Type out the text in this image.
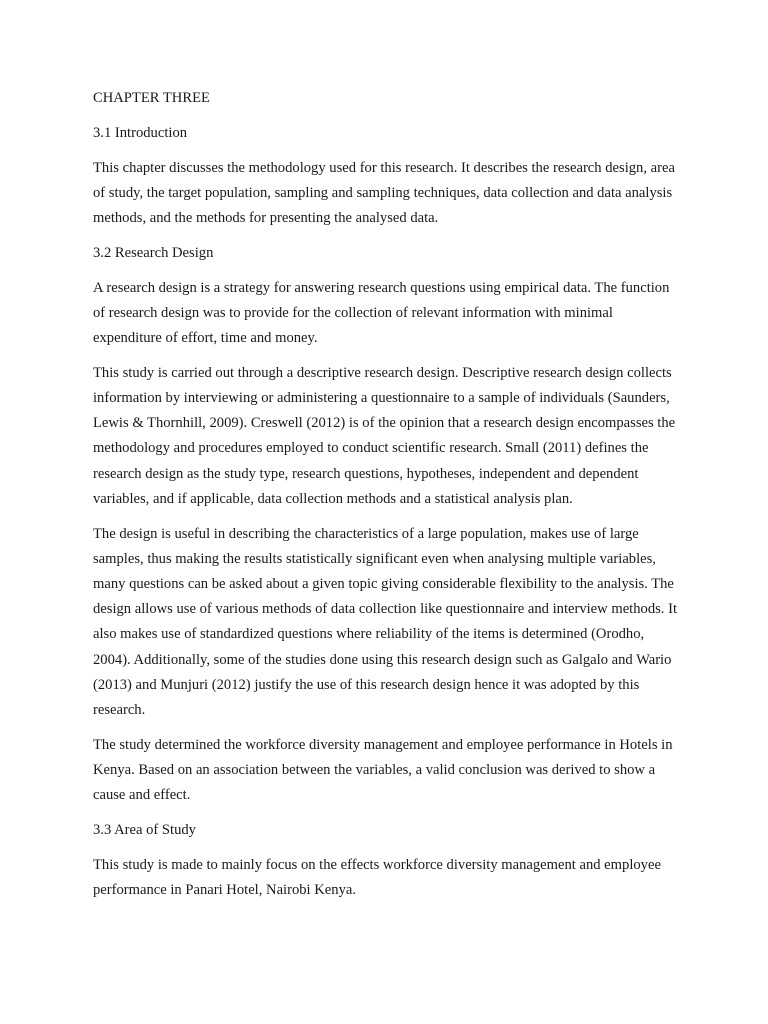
CHAPTER THREE

3.1 Introduction

This chapter discusses the methodology used for this research. It describes the research design, area of study, the target population, sampling and sampling techniques, data collection and data analysis methods, and the methods for presenting the analysed data.

3.2 Research Design

A research design is a strategy for answering research questions using empirical data. The function of research design was to provide for the collection of relevant information with minimal expenditure of effort, time and money.

This study is carried out through a descriptive research design. Descriptive research design collects information by interviewing or administering a questionnaire to a sample of individuals (Saunders, Lewis & Thornhill, 2009). Creswell (2012) is of the opinion that a research design encompasses the methodology and procedures employed to conduct scientific research. Small (2011) defines the research design as the study type, research questions, hypotheses, independent and dependent variables, and if applicable, data collection methods and a statistical analysis plan.

The design is useful in describing the characteristics of a large population, makes use of large samples, thus making the results statistically significant even when analysing multiple variables, many questions can be asked about a given topic giving considerable flexibility to the analysis. The design allows use of various methods of data collection like questionnaire and interview methods. It also makes use of standardized questions where reliability of the items is determined (Orodho, 2004). Additionally, some of the studies done using this research design such as Galgalo and Wario (2013) and Munjuri (2012) justify the use of this research design hence it was adopted by this research.

The study determined the workforce diversity management and employee performance in Hotels in Kenya. Based on an association between the variables, a valid conclusion was derived to show a cause and effect.

3.3 Area of Study

This study is made to mainly focus on the effects workforce diversity management and employee performance in Panari Hotel, Nairobi Kenya.
